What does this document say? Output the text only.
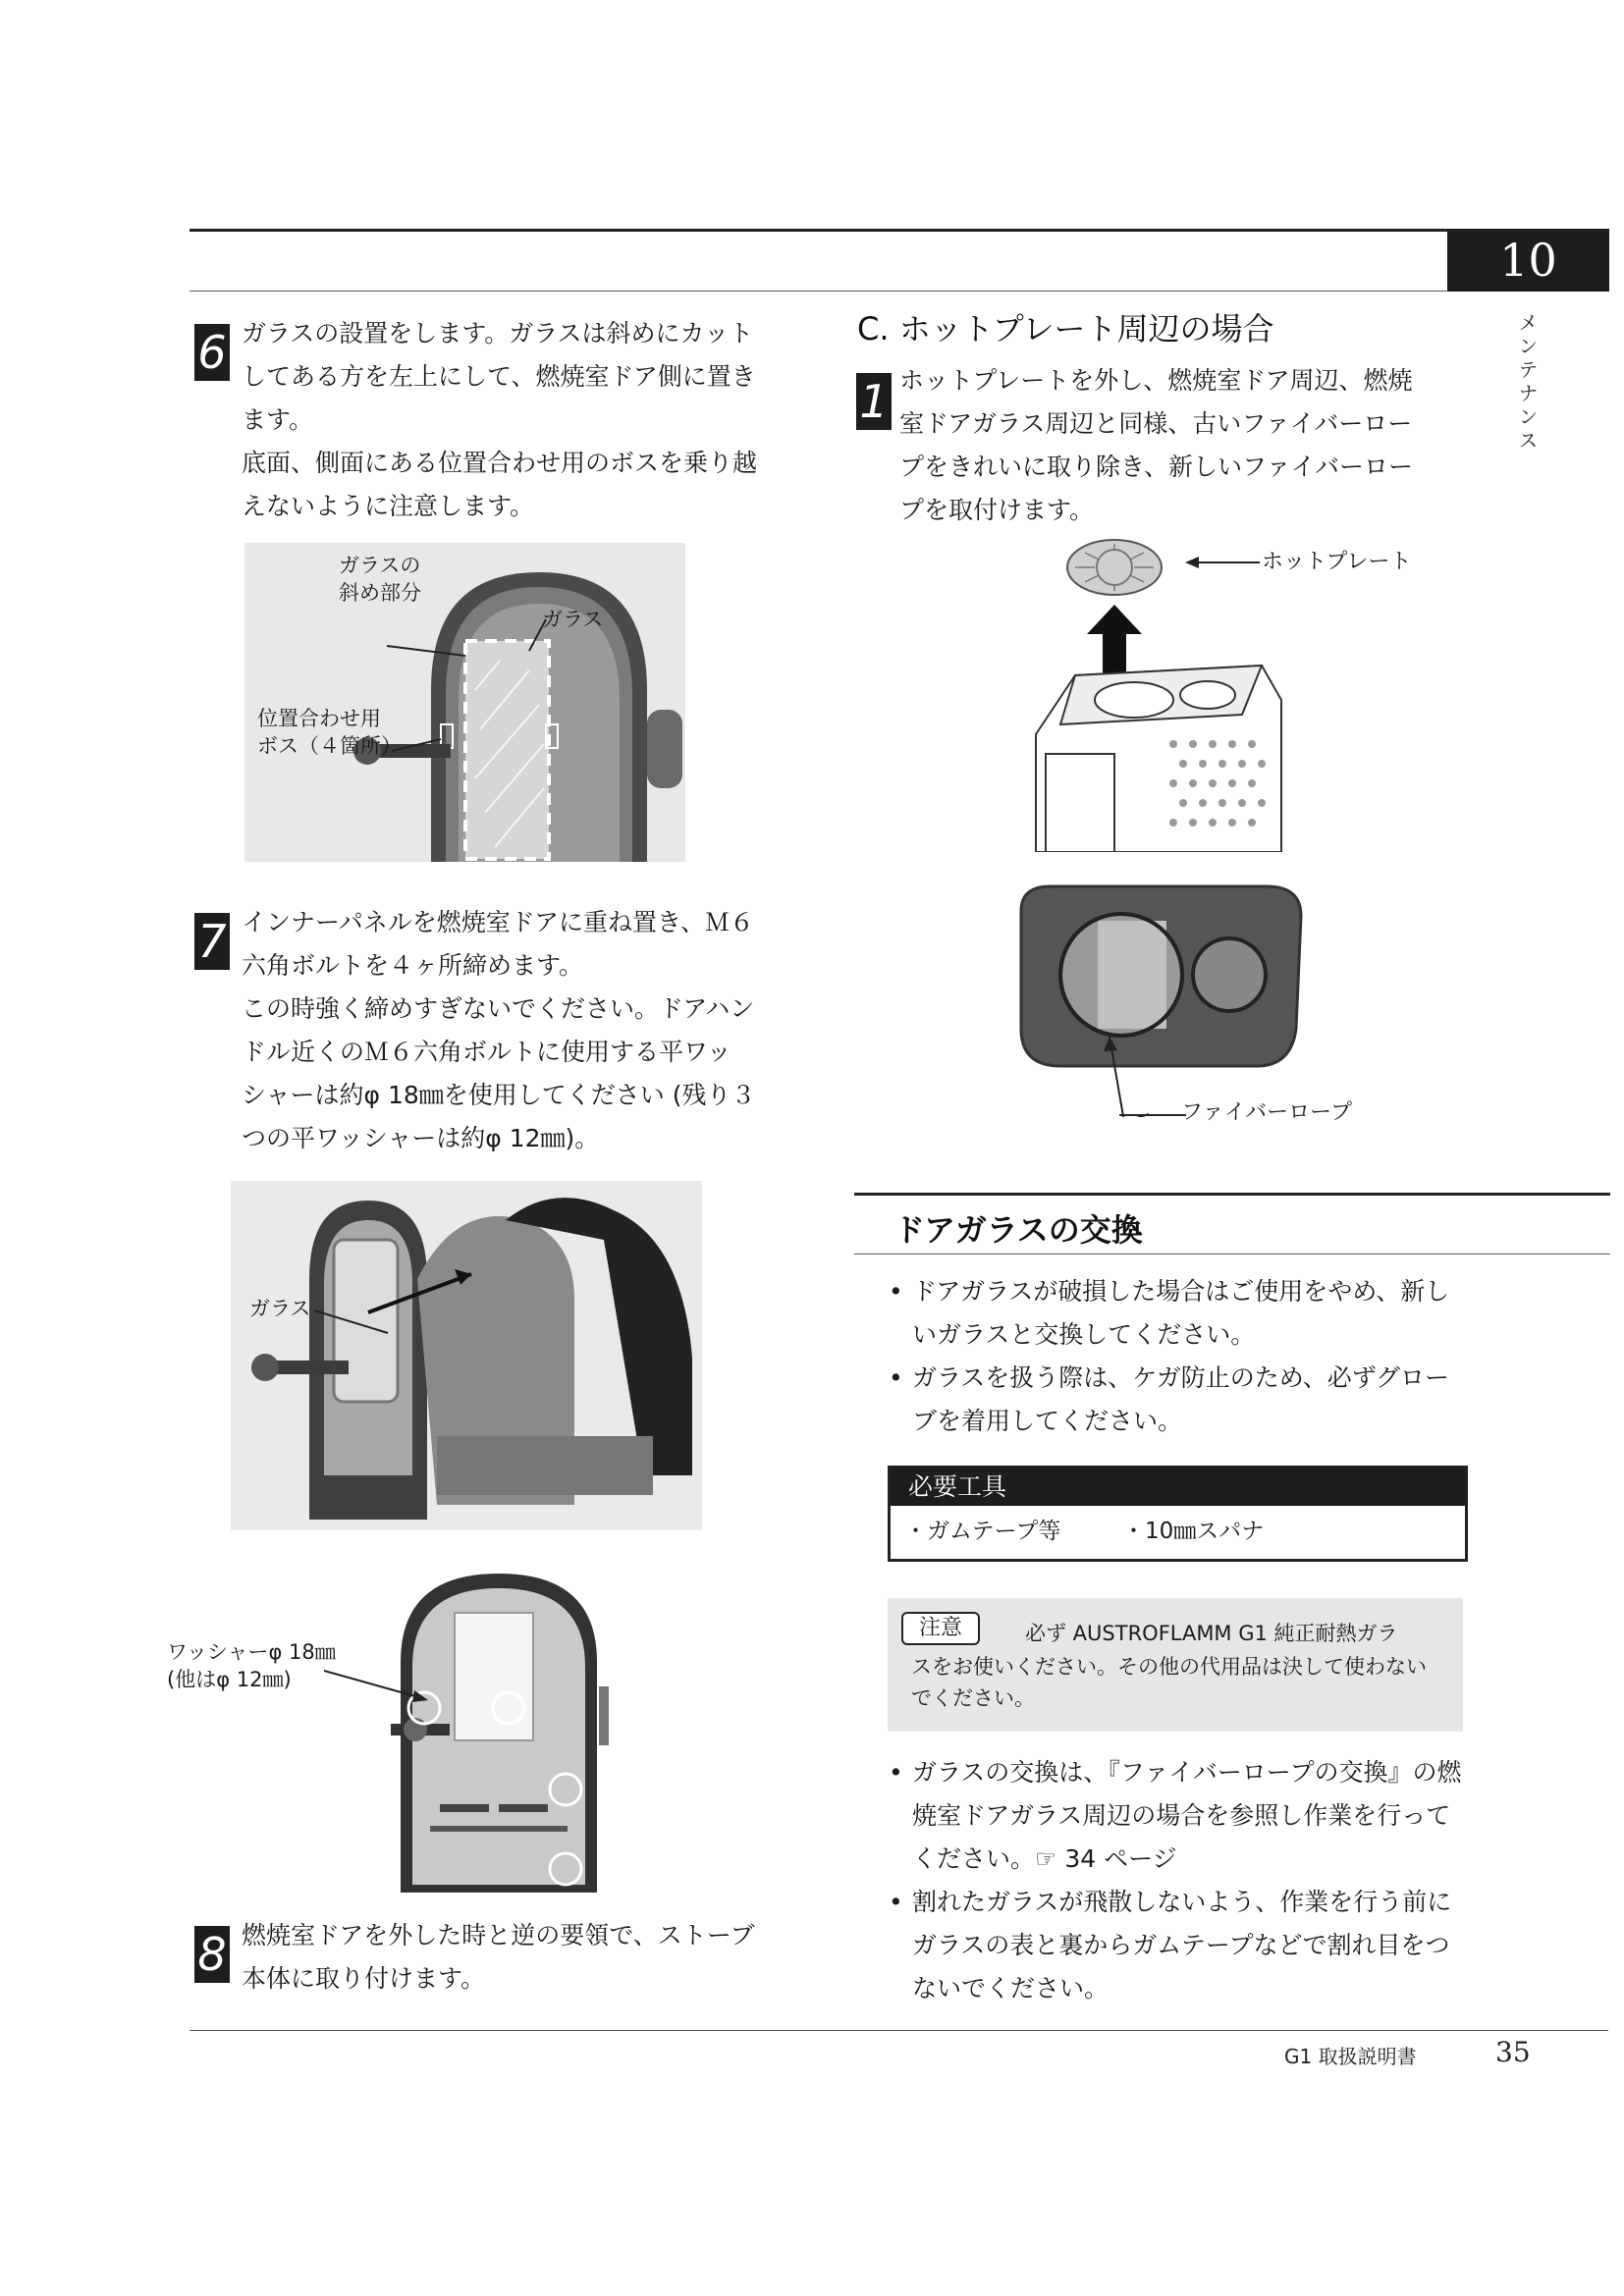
10
メンテナンス
6 ガラスの設置をします。ガラスは斜めにカット
してある方を左上にして、燃焼室ドア側に置き
ます。
底面、側面にある位置合わせ用のボスを乗り越
えないように注意します。
ガラスの
斜め部分
ガラス
位置合わせ用
ボス（４箇所）
7 インナーパネルを燃焼室ドアに重ね置き、Ｍ６
六角ボルトを４ヶ所締めます。
この時強く締めすぎないでください。ドアハン
ドル近くのＭ６六角ボルトに使用する平ワッ
シャーは約φ 18㎜を使用してください (残り３
つの平ワッシャーは約φ 12㎜)。
ガラス
ワッシャーφ 18㎜
(他はφ 12㎜)
8 燃焼室ドアを外した時と逆の要領で、ストーブ
本体に取り付けます。
C. ホットプレート周辺の場合
1 ホットプレートを外し、燃焼室ドア周辺、燃焼
室ドアガラス周辺と同様、古いファイバーロー
プをきれいに取り除き、新しいファイバーロー
プを取付けます。
ホットプレート
ファイバーロープ
ドアガラスの交換
• ドアガラスが破損した場合はご使用をやめ、新し
いガラスと交換してください。
• ガラスを扱う際は、ケガ防止のため、必ずグロー
ブを着用してください。
必要工具
・ガムテープ等	・10㎜スパナ
注意	必ず AUSTROFLAMM G1 純正耐熱ガラ
スをお使いください。その他の代用品は決して使わない
でください。
• ガラスの交換は、『ファイバーロープの交換』の燃
焼室ドアガラス周辺の場合を参照し作業を行って
ください。☞ 34 ページ
• 割れたガラスが飛散しないよう、作業を行う前に
ガラスの表と裏からガムテープなどで割れ目をつ
ないでください。
G1 取扱説明書	35
